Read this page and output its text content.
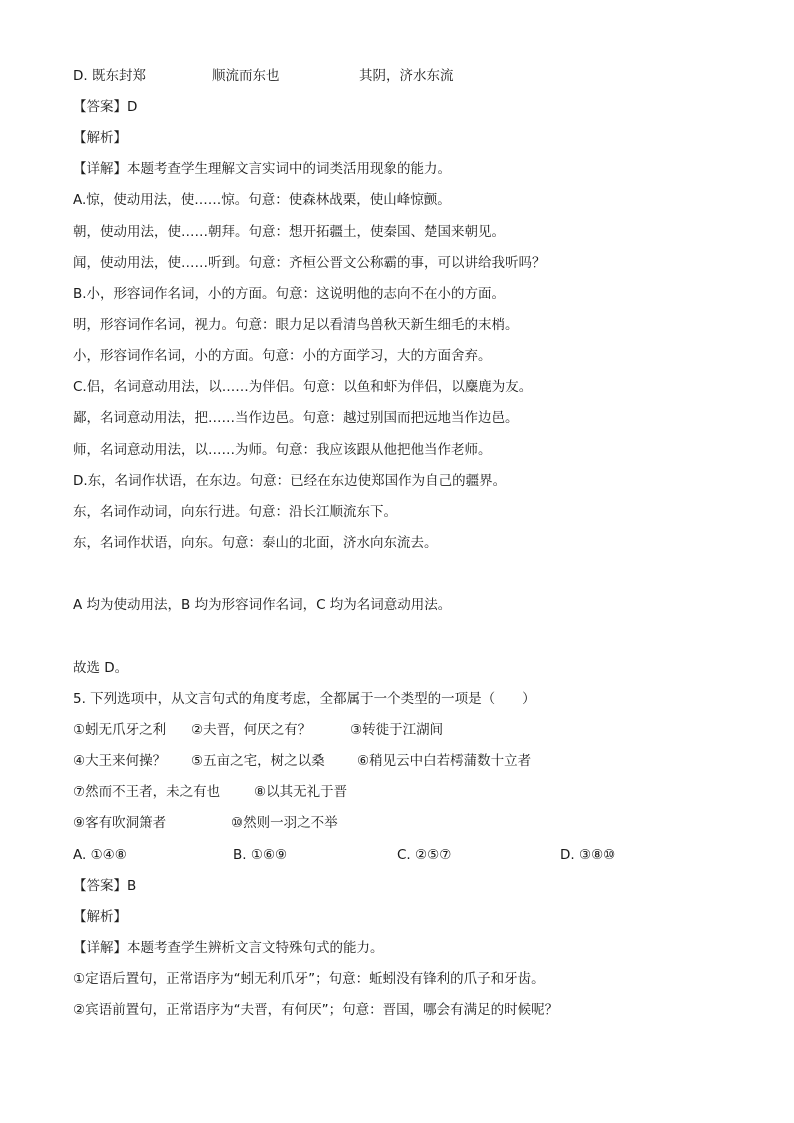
D. 既东封郑	顺流而东也	其阴，济水东流
【答案】D
【解析】
【详解】本题考查学生理解文言实词中的词类活用现象的能力。
A.惊，使动用法，使……惊。句意：使森林战栗，使山峰惊颤。
朝，使动用法，使……朝拜。句意：想开拓疆土，使秦国、楚国来朝见。
闻，使动用法，使……听到。句意：齐桓公晋文公称霸的事，可以讲给我听吗？
B.小，形容词作名词，小的方面。句意：这说明他的志向不在小的方面。
明，形容词作名词，视力。句意：眼力足以看清鸟兽秋天新生细毛的末梢。
小，形容词作名词，小的方面。句意：小的方面学习，大的方面舍弃。
C.侣，名词意动用法，以……为伴侣。句意：以鱼和虾为伴侣，以麋鹿为友。
鄙，名词意动用法，把……当作边邑。句意：越过别国而把远地当作边邑。
师，名词意动用法，以……为师。句意：我应该跟从他把他当作老师。
D.东，名词作状语，在东边。句意：已经在东边使郑国作为自己的疆界。
东，名词作动词，向东行进。句意：沿长江顺流东下。
东，名词作状语，向东。句意：泰山的北面，济水向东流去。
A 均为使动用法，B 均为形容词作名词，C 均为名词意动用法。
故选 D。
5. 下列选项中，从文言句式的角度考虑，全都属于一个类型的一项是（　　）
①蚓无爪牙之利 ②夫晋，何厌之有？	③转徙于江湖间
④大王来何操？ ⑤五亩之宅，树之以桑 ⑥稍见云中白若樗蒲数十立者
⑦然而不王者，未之有也	⑧以其无礼于晋
⑨客有吹洞箫者	⑩然则一羽之不举
A. ①④⑧	B. ①⑥⑨	C. ②⑤⑦	D. ③⑧⑩
【答案】B
【解析】
【详解】本题考查学生辨析文言文特殊句式的能力。
①定语后置句，正常语序为“蚓无利爪牙”；句意：蚯蚓没有锋利的爪子和牙齿。
②宾语前置句，正常语序为“夫晋，有何厌”；句意：晋国，哪会有满足的时候呢？
